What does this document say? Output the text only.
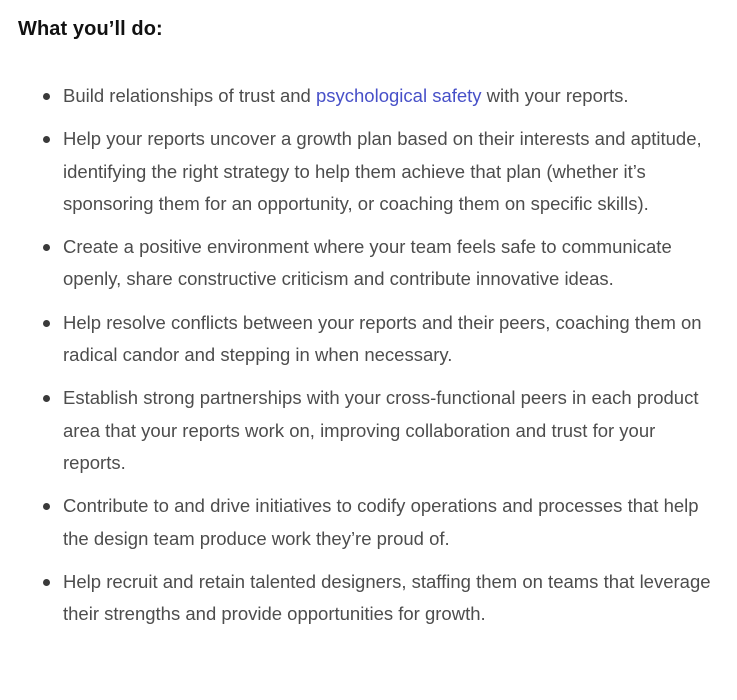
What you’ll do:
Build relationships of trust and psychological safety with your reports.
Help your reports uncover a growth plan based on their interests and aptitude, identifying the right strategy to help them achieve that plan (whether it’s sponsoring them for an opportunity, or coaching them on specific skills).
Create a positive environment where your team feels safe to communicate openly, share constructive criticism and contribute innovative ideas.
Help resolve conflicts between your reports and their peers, coaching them on radical candor and stepping in when necessary.
Establish strong partnerships with your cross-functional peers in each product area that your reports work on, improving collaboration and trust for your reports.
Contribute to and drive initiatives to codify operations and processes that help the design team produce work they’re proud of.
Help recruit and retain talented designers, staffing them on teams that leverage their strengths and provide opportunities for growth.
